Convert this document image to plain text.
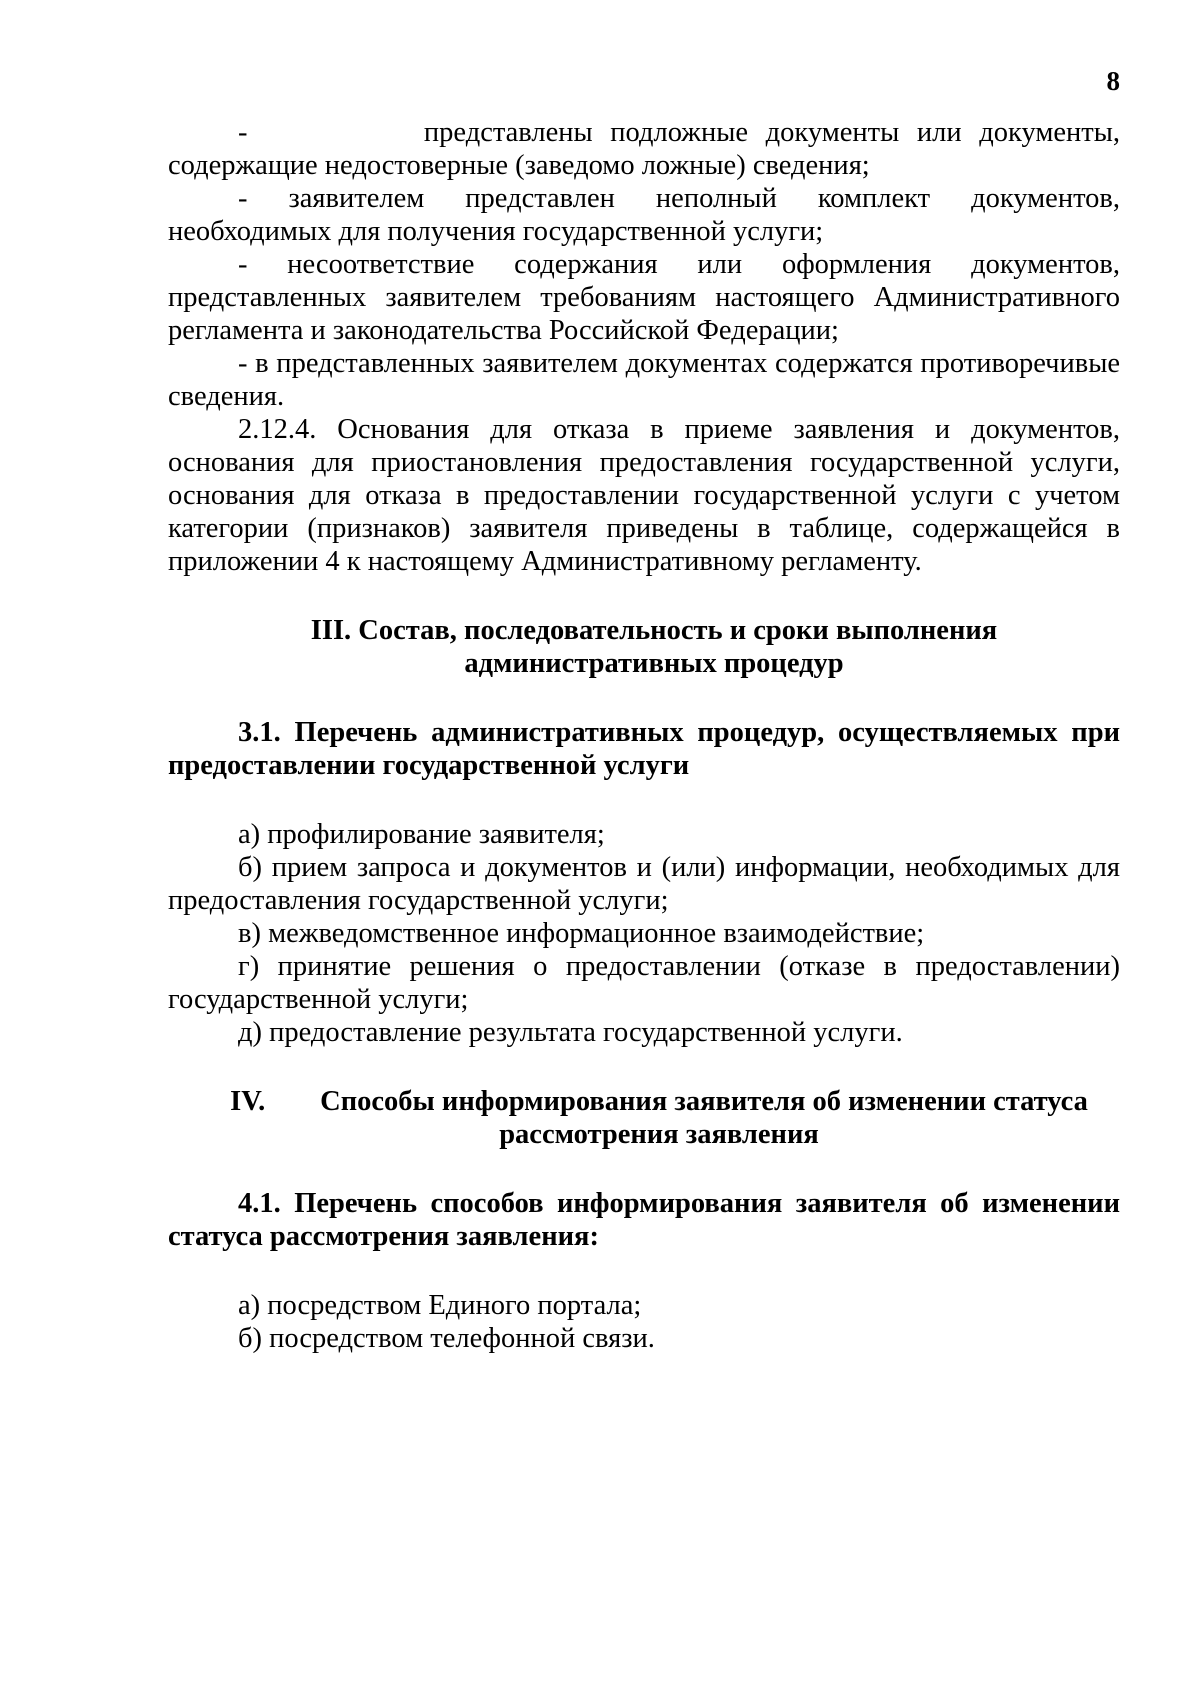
8

-          представлены подложные документы или документы, содержащие недостоверные (заведомо ложные) сведения;

- заявителем представлен неполный комплект документов, необходимых для получения государственной услуги;

- несоответствие содержания или оформления документов, представленных заявителем требованиям настоящего Административного регламента и законодательства Российской Федерации;

- в представленных заявителем документах содержатся противоречивые сведения.

2.12.4. Основания для отказа в приеме заявления и документов, основания для приостановления предоставления государственной услуги, основания для отказа в предоставлении государственной услуги с учетом категории (признаков) заявителя приведены в таблице, содержащейся в приложении 4 к настоящему Административному регламенту.

III. Состав, последовательность и сроки выполнения
административных процедур

3.1. Перечень административных процедур, осуществляемых при предоставлении государственной услуги

а) профилирование заявителя;

б) прием запроса и документов и (или) информации, необходимых для предоставления государственной услуги;

в) межведомственное информационное взаимодействие;

г) принятие решения о предоставлении (отказе в предоставлении) государственной услуги;

д) предоставление результата государственной услуги.

IV. Способы информирования заявителя об изменении статуса
рассмотрения заявления

4.1. Перечень способов информирования заявителя об изменении статуса рассмотрения заявления:

а) посредством Единого портала;

б) посредством телефонной связи.
